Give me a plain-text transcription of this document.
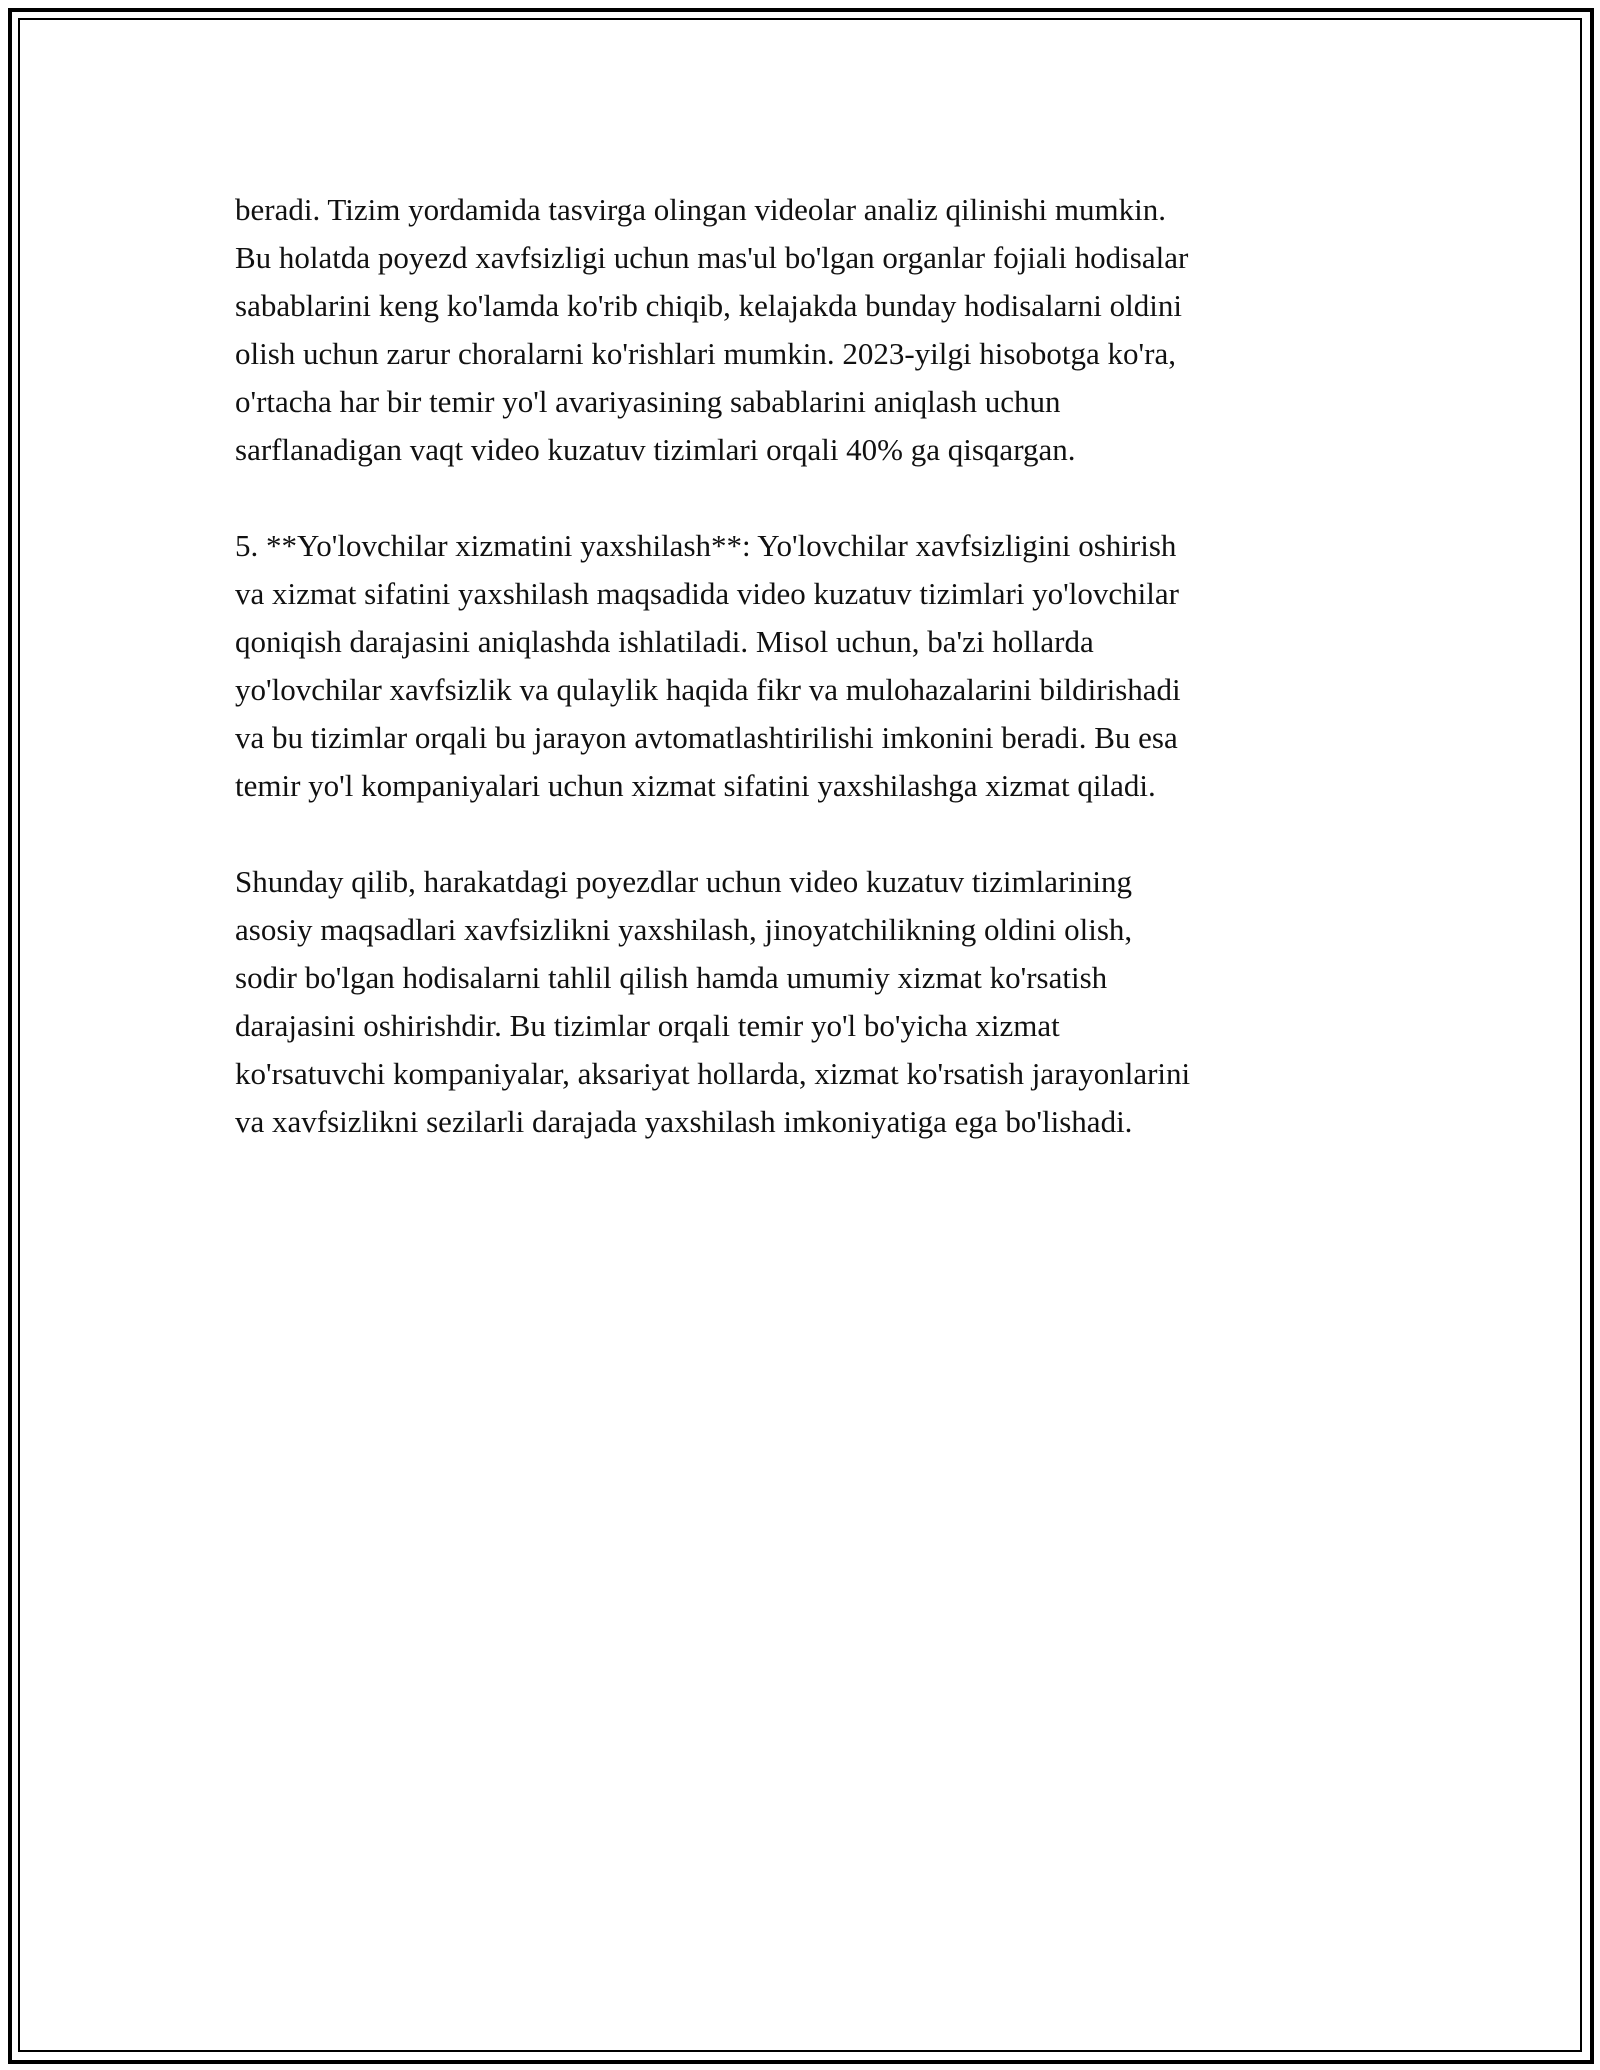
beradi. Tizim yordamida tasvirga olingan videolar analiz qilinishi mumkin.
Bu holatda poyezd xavfsizligi uchun mas'ul bo'lgan organlar fojiali hodisalar
sabablarini keng ko'lamda ko'rib chiqib, kelajakda bunday hodisalarni oldini
olish uchun zarur choralarni ko'rishlari mumkin. 2023-yilgi hisobotga ko'ra,
o'rtacha har bir temir yo'l avariyasining sabablarini aniqlash uchun
sarflanadigan vaqt video kuzatuv tizimlari orqali 40% ga qisqargan.
5. **Yo'lovchilar xizmatini yaxshilash**: Yo'lovchilar xavfsizligini oshirish
va xizmat sifatini yaxshilash maqsadida video kuzatuv tizimlari yo'lovchilar
qoniqish darajasini aniqlashda ishlatiladi. Misol uchun, ba'zi hollarda
yo'lovchilar xavfsizlik va qulaylik haqida fikr va mulohazalarini bildirishadi
va bu tizimlar orqali bu jarayon avtomatlashtirilishi imkonini beradi. Bu esa
temir yo'l kompaniyalari uchun xizmat sifatini yaxshilashga xizmat qiladi.
Shunday qilib, harakatdagi poyezdlar uchun video kuzatuv tizimlarining
asosiy maqsadlari xavfsizlikni yaxshilash, jinoyatchilikning oldini olish,
sodir bo'lgan hodisalarni tahlil qilish hamda umumiy xizmat ko'rsatish
darajasini oshirishdir. Bu tizimlar orqali temir yo'l bo'yicha xizmat
ko'rsatuvchi kompaniyalar, aksariyat hollarda, xizmat ko'rsatish jarayonlarini
va xavfsizlikni sezilarli darajada yaxshilash imkoniyatiga ega bo'lishadi.
